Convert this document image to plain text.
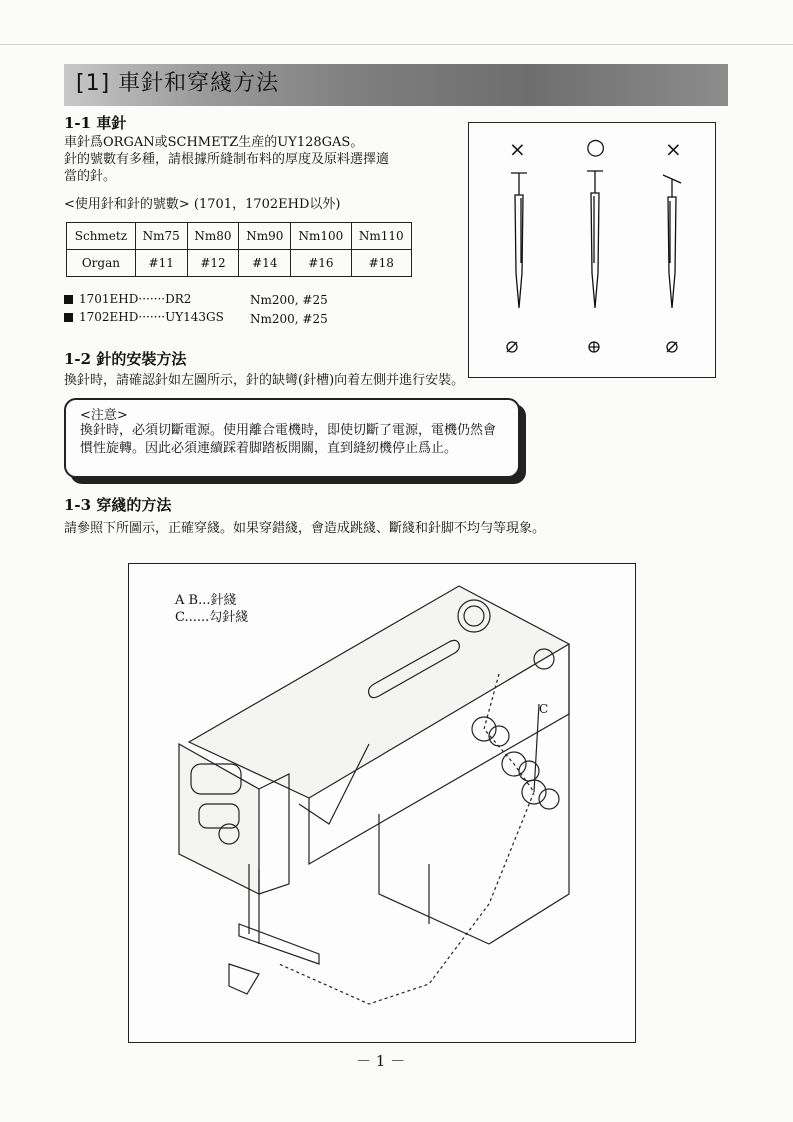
[1] 車針和穿綫方法
1-1 車針
車針爲ORGAN或SCHMETZ生産的UY128GAS。
針的號數有多種，請根據所縫制布料的厚度及原料選擇適
當的針。
<使用針和針的號數> (1701，1702EHD以外)
Schmetz	Nm75	Nm80	Nm90	Nm100	Nm110
Organ	#11	#12	#14	#16	#18
1701EHD·······DR2	Nm200, #25
1702EHD·······UY143GS Nm200, #25
×	○	×
1-2 針的安裝方法
換針時，請確認針如左圖所示，針的缺彎(針槽)向着左側并進行安裝。
<注意>
換針時，必須切斷電源。使用離合電機時，即使切斷了電源，電機仍然會
慣性旋轉。因此必須連續踩着脚踏板開關，直到縫紉機停止爲止。
1-3 穿綫的方法
請參照下所圖示，正確穿綫。如果穿錯綫，會造成跳綫、斷綫和針脚不均勻等現象。
A B...針綫
C......勾針綫
C
－ 1 －
